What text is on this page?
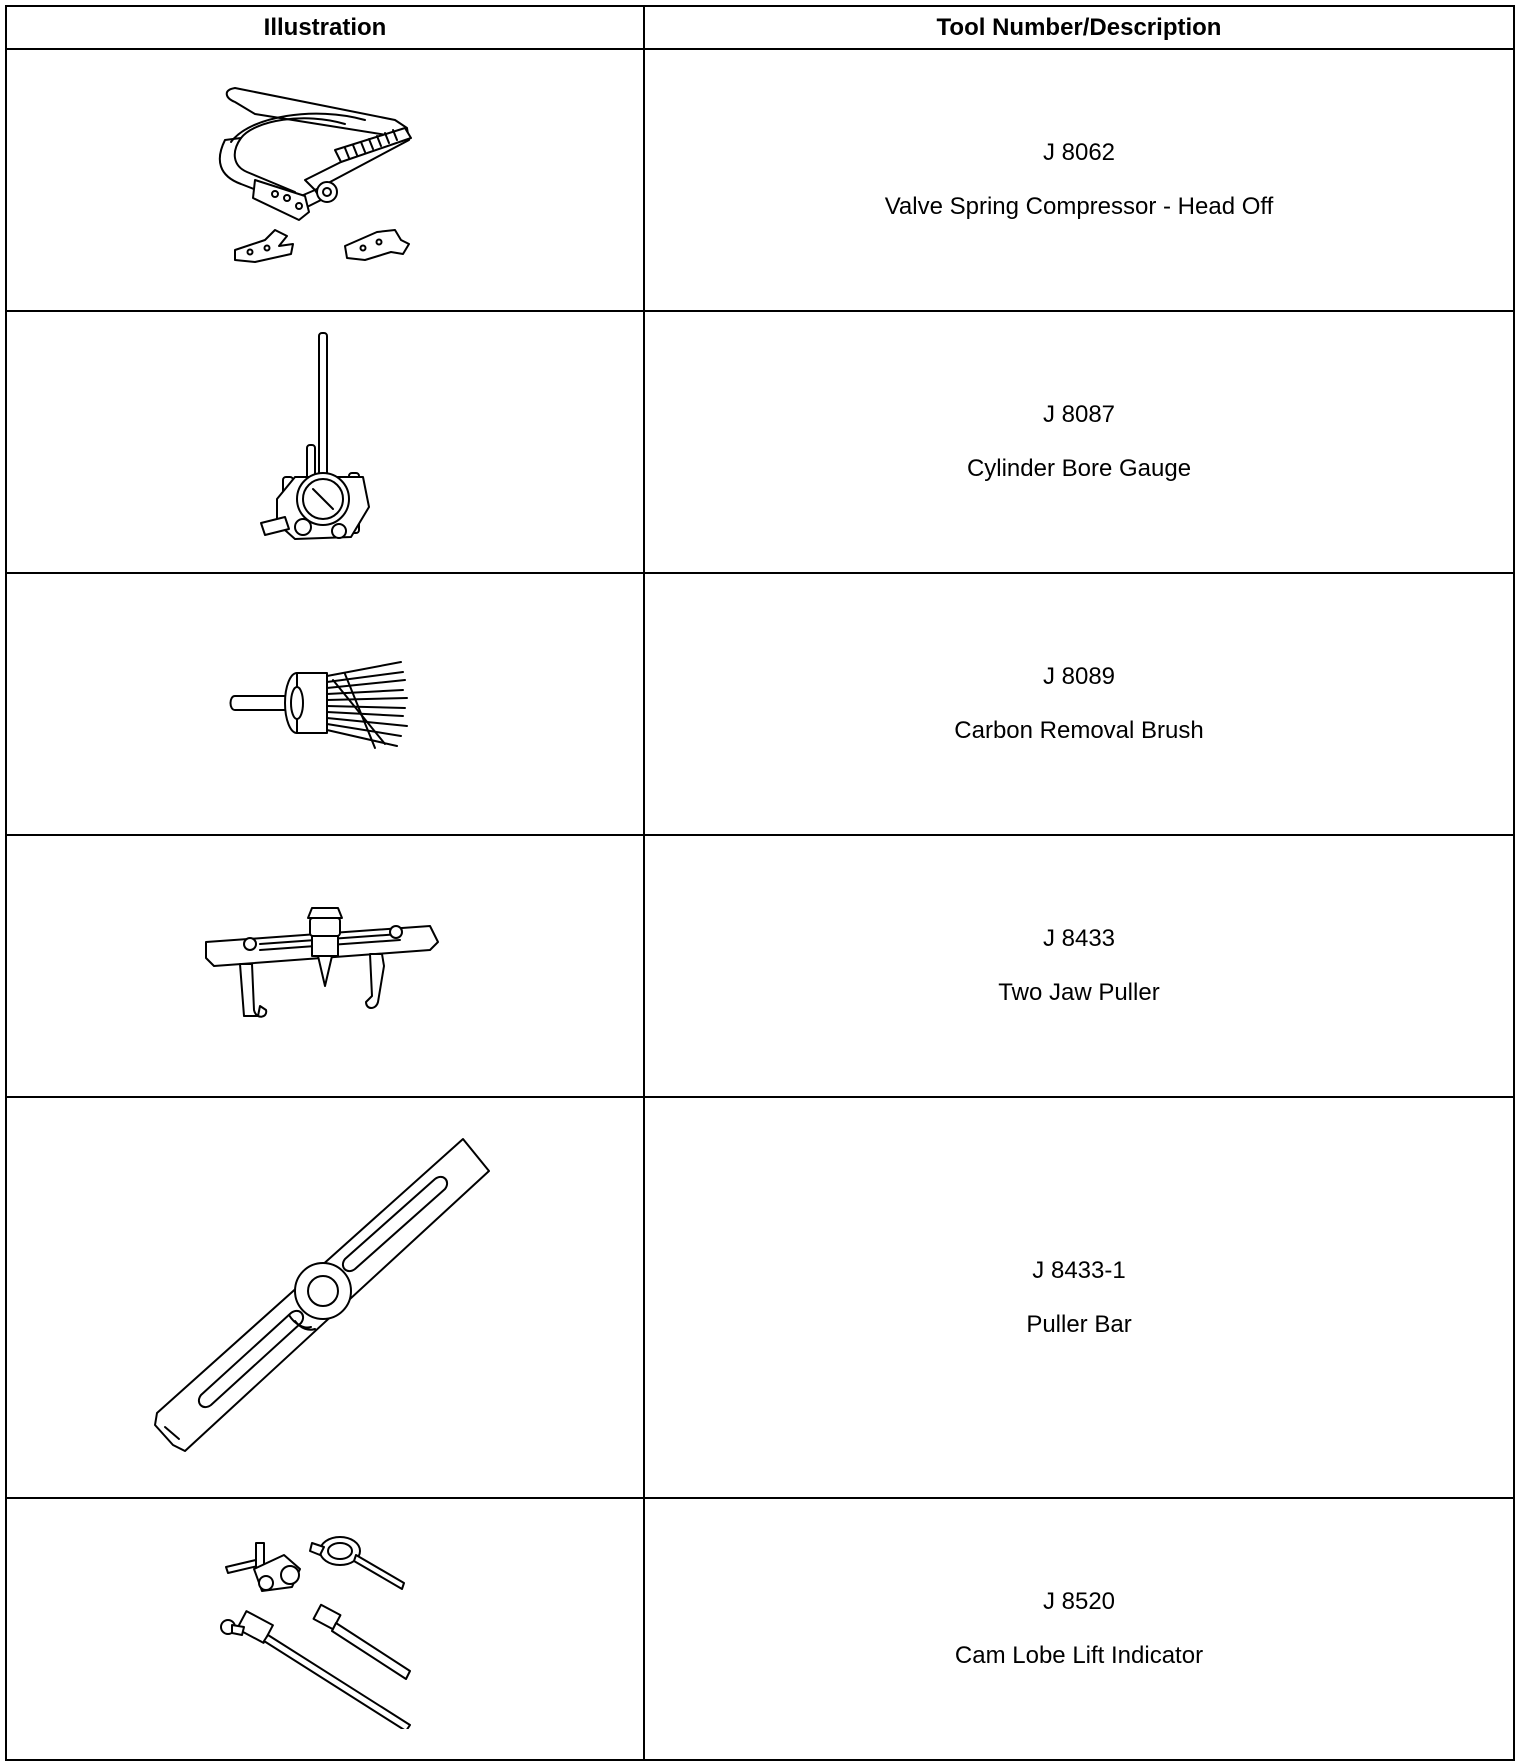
Illustration	Tool Number/Description

J 8062
Valve Spring Compressor - Head Off

J 8087
Cylinder Bore Gauge

J 8089
Carbon Removal Brush

J 8433
Two Jaw Puller

J 8433-1
Puller Bar

J 8520
Cam Lobe Lift Indicator
